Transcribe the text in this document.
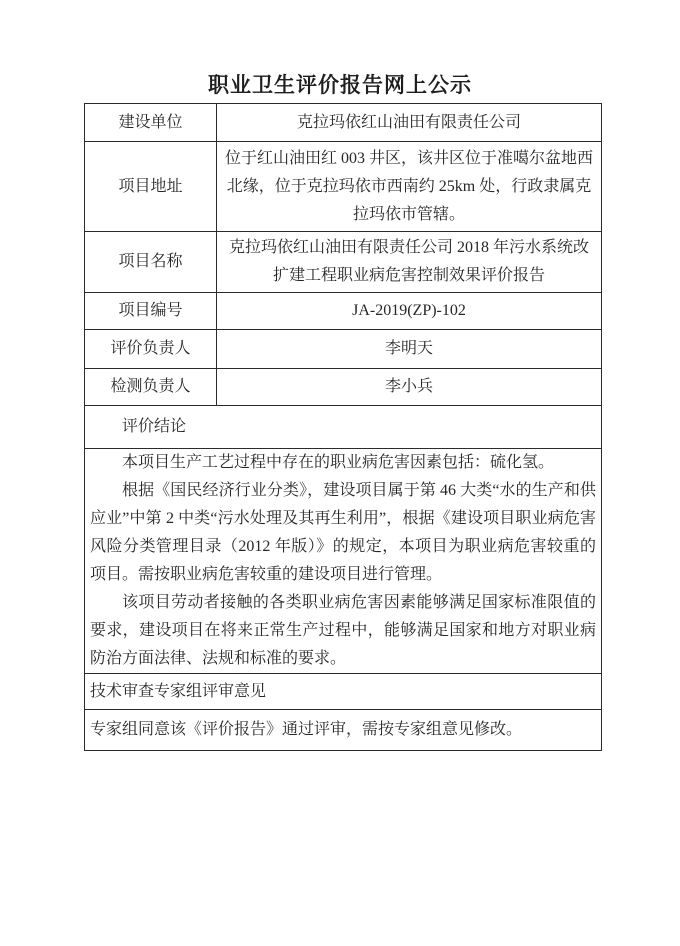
职业卫生评价报告网上公示
建设单位	克拉玛依红山油田有限责任公司
项目地址	位于红山油田红 003 井区，该井区位于准噶尔盆地西北缘，位于克拉玛依市西南约 25km 处，行政隶属克拉玛依市管辖。
项目名称	克拉玛依红山油田有限责任公司 2018 年污水系统改扩建工程职业病危害控制效果评价报告
项目编号	JA-2019(ZP)-102
评价负责人	李明天
检测负责人	李小兵
评价结论	

本项目生产工艺过程中存在的职业病危害因素包括：硫化氢。

根据《国民经济行业分类》，建设项目属于第 46 大类“水的生产和供应业”中第 2 中类“污水处理及其再生利用”，根据《建设项目职业病危害风险分类管理目录（2012 年版）》的规定，本项目为职业病危害较重的项目。需按职业病危害较重的建设项目进行管理。

该项目劳动者接触的各类职业病危害因素能够满足国家标准限值的要求，建设项目在将来正常生产过程中，能够满足国家和地方对职业病防治方面法律、法规和标准的要求。	

技术审查专家组评审意见	
专家组同意该《评价报告》通过评审，需按专家组意见修改。	
